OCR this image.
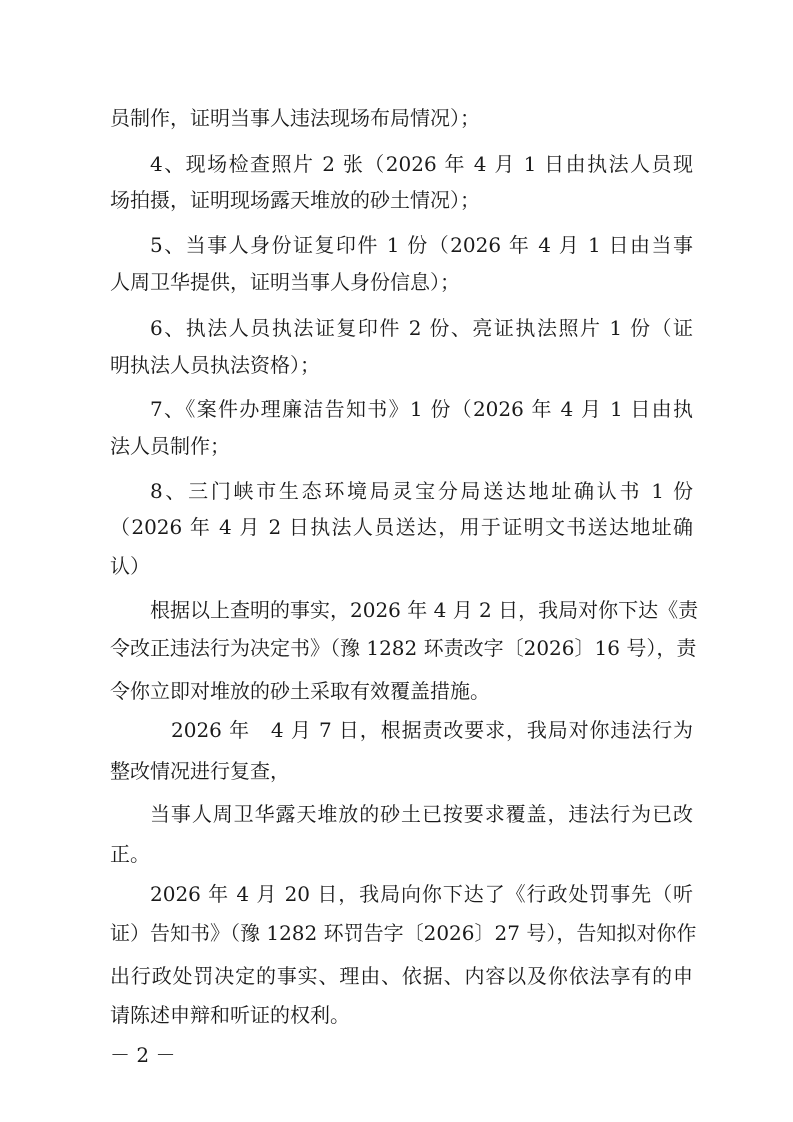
员制作，证明当事人违法现场布局情况）；

4、现场检查照片 2 张（2026 年 4 月 1 日由执法人员现

场拍摄，证明现场露天堆放的砂土情况）；

5、当事人身份证复印件 1 份（2026 年 4 月 1 日由当事

人周卫华提供，证明当事人身份信息）；

6、执法人员执法证复印件 2 份、亮证执法照片 1 份（证

明执法人员执法资格）；

7、《案件办理廉洁告知书》1 份（2026 年 4 月 1 日由执

法人员制作；

8、三门峡市生态环境局灵宝分局送达地址确认书 1 份

（2026 年 4 月 2 日执法人员送达，用于证明文书送达地址确

认）

根据以上查明的事实，2026 年 4 月 2 日，我局对你下达《责

令改正违法行为决定书》（豫 1282 环责改字〔2026〕16 号），责

令你立即对堆放的砂土采取有效覆盖措施。

2026 年　4 月 7 日，根据责改要求，我局对你违法行为

整改情况进行复查，

当事人周卫华露天堆放的砂土已按要求覆盖，违法行为已改

正。

2026 年 4 月 20 日，我局向你下达了《行政处罚事先（听

证）告知书》（豫 1282 环罚告字〔2026〕27 号），告知拟对你作

出行政处罚决定的事实、理由、依据、内容以及你依法享有的申

请陈述申辩和听证的权利。

－ 2 －
